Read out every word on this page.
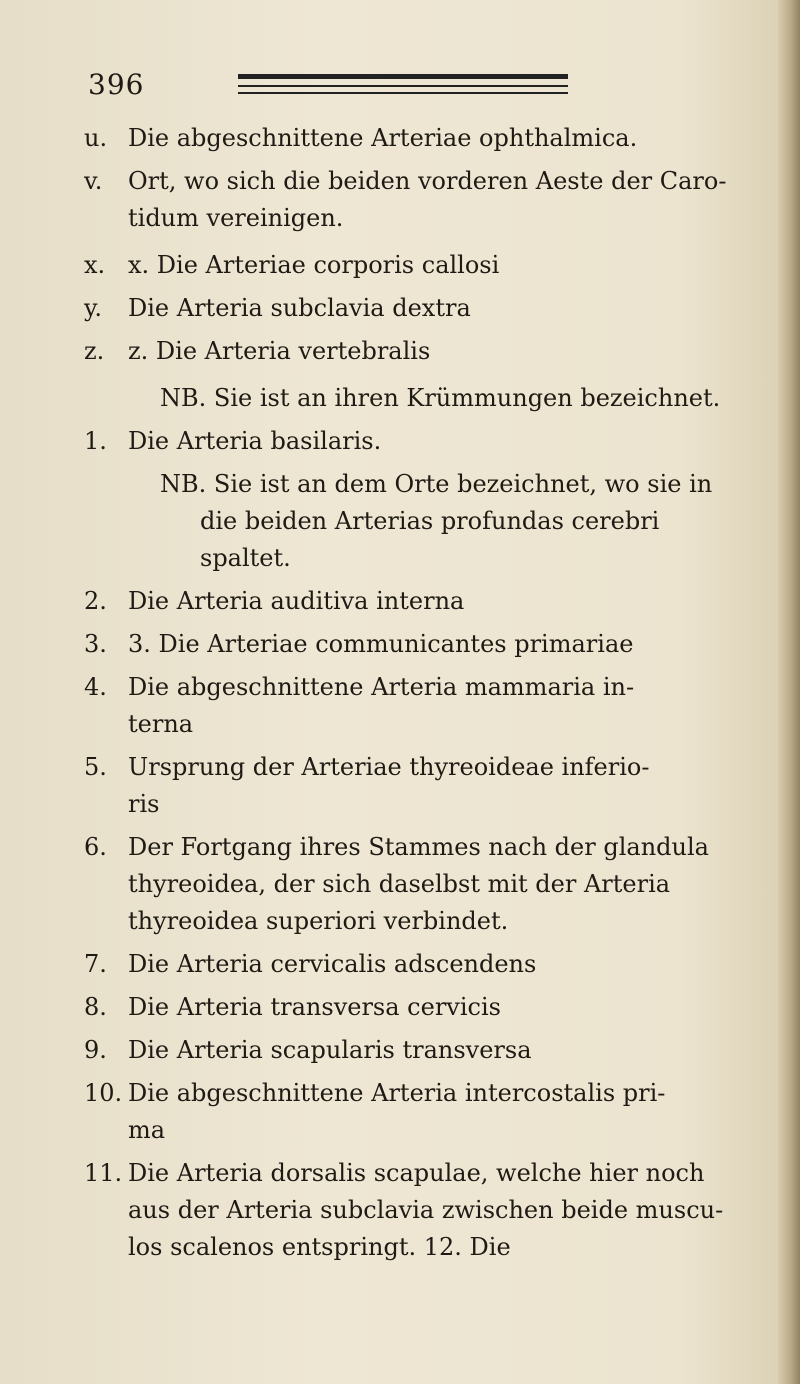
396
u. Die abgeschnittene Arteriae ophthalmica.
v. Ort, wo sich die beiden vorderen Aeste der Caro-
tidum vereinigen.
x. x. Die Arteriae corporis callosi
y. Die Arteria subclavia dextra
z. z. Die Arteria vertebralis
NB. Sie ist an ihren Krümmungen bezeichnet.
1. Die Arteria basilaris.
NB. Sie ist an dem Orte bezeichnet, wo sie in
die beiden Arterias profundas cerebri
spaltet.
2. Die Arteria auditiva interna
3. 3. Die Arteriae communicantes primariae
4. Die abgeschnittene Arteria mammaria in-
terna
5. Ursprung der Arteriae thyreoideae inferio-
ris
6. Der Fortgang ihres Stammes nach der glandula
thyreoidea, der sich daselbst mit der Arteria
thyreoidea superiori verbindet.
7. Die Arteria cervicalis adscendens
8. Die Arteria transversa cervicis
9. Die Arteria scapularis transversa
10. Die abgeschnittene Arteria intercostalis pri-
ma
11. Die Arteria dorsalis scapulae, welche hier noch
aus der Arteria subclavia zwischen beide muscu-
los scalenos entspringt. 12. Die
